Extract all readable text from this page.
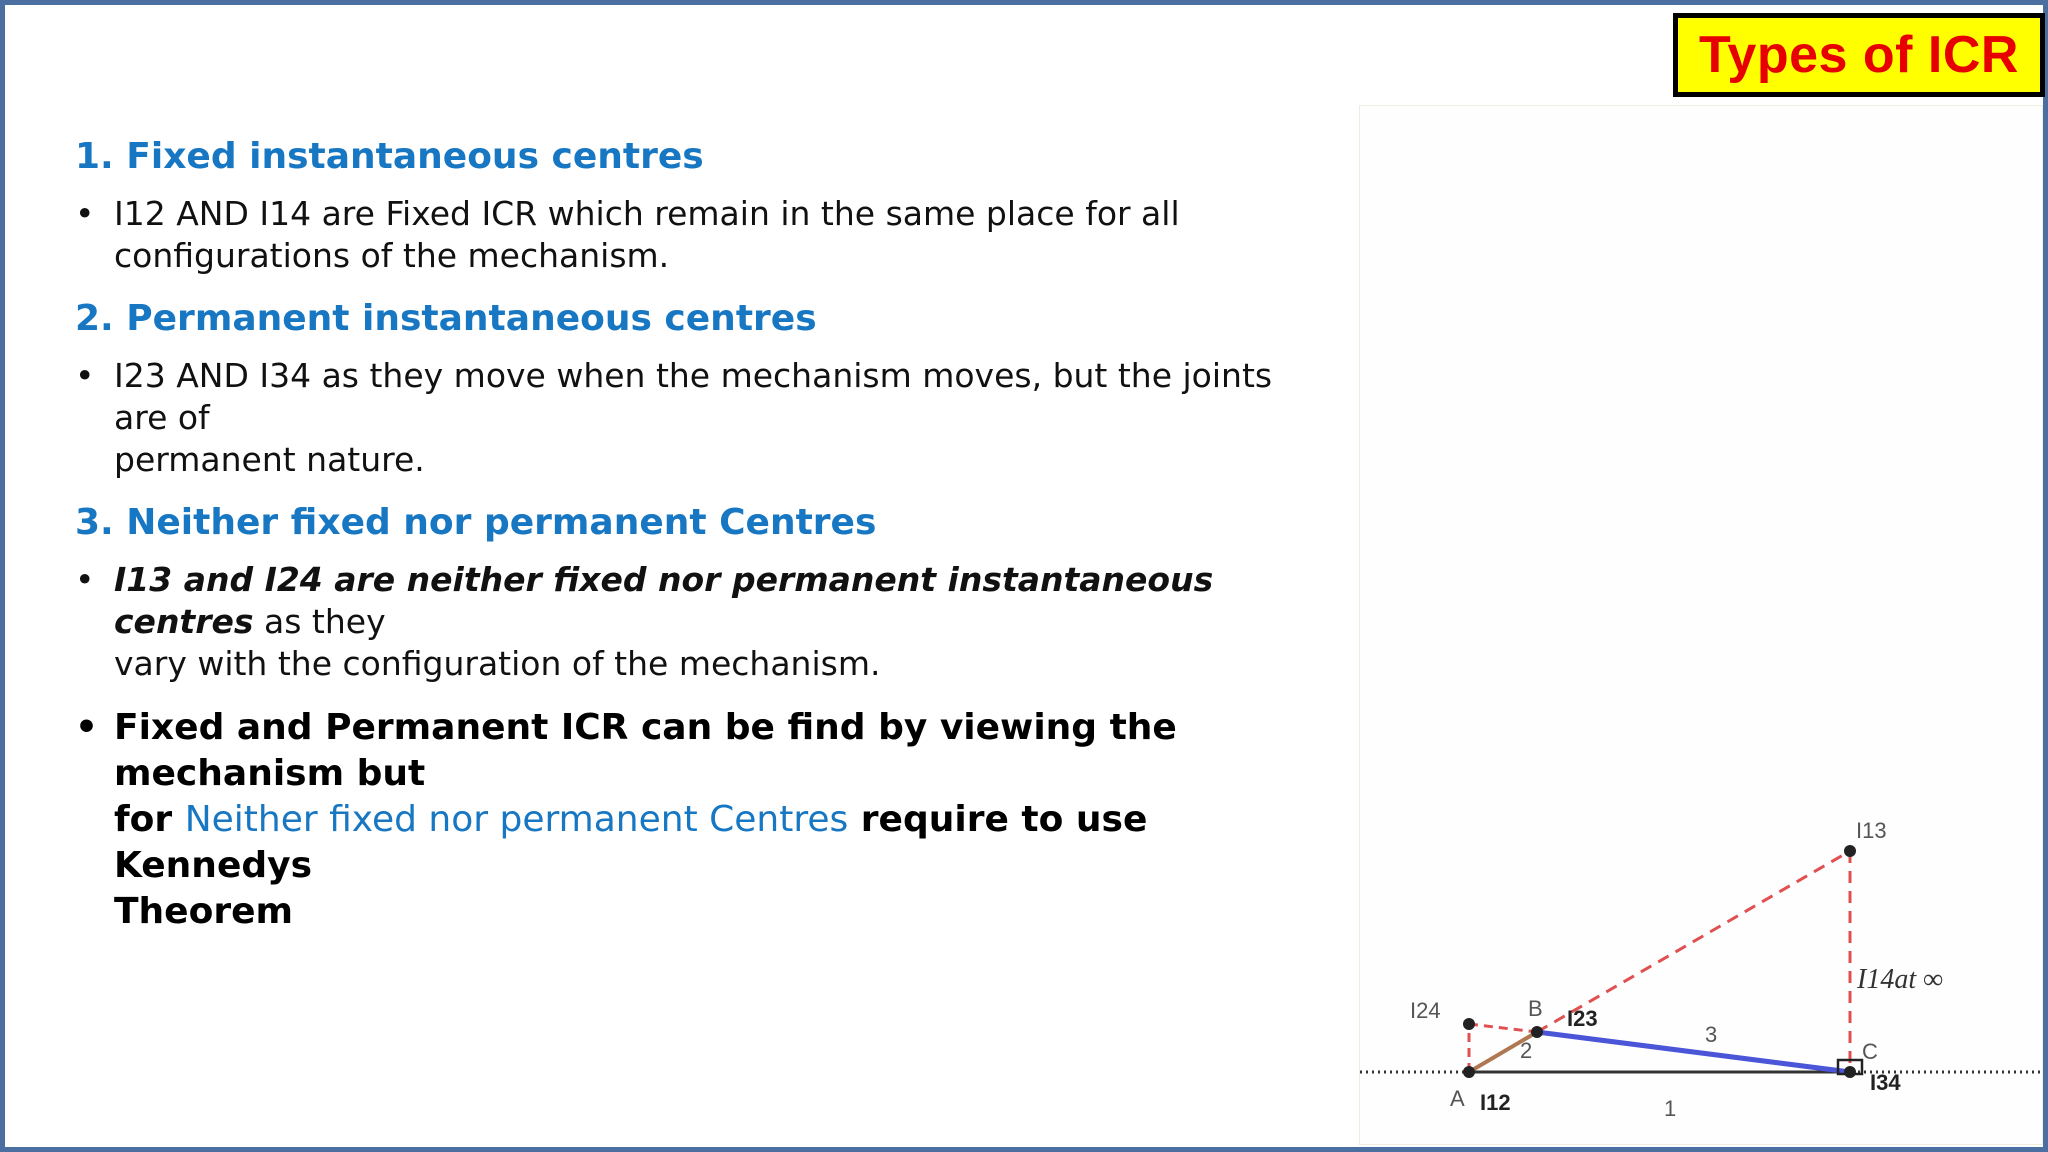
Types of ICR
1. Fixed instantaneous centres
• I12 AND I14 are Fixed ICR which remain in the same place for all
configurations of the mechanism.
2. Permanent instantaneous centres
• I23 AND I34 as they move when the mechanism moves, but the joints are of
permanent nature.
3. Neither fixed nor permanent Centres
• I13 and I24 are neither fixed nor permanent instantaneous centres as they
vary with the configuration of the mechanism.
• Fixed and Permanent ICR can be find by viewing the mechanism but
for Neither fixed nor permanent Centres require to use Kennedys
Theorem
I13
I14at ∞
I24	B I23
3
2	C
I34
A I12	1
